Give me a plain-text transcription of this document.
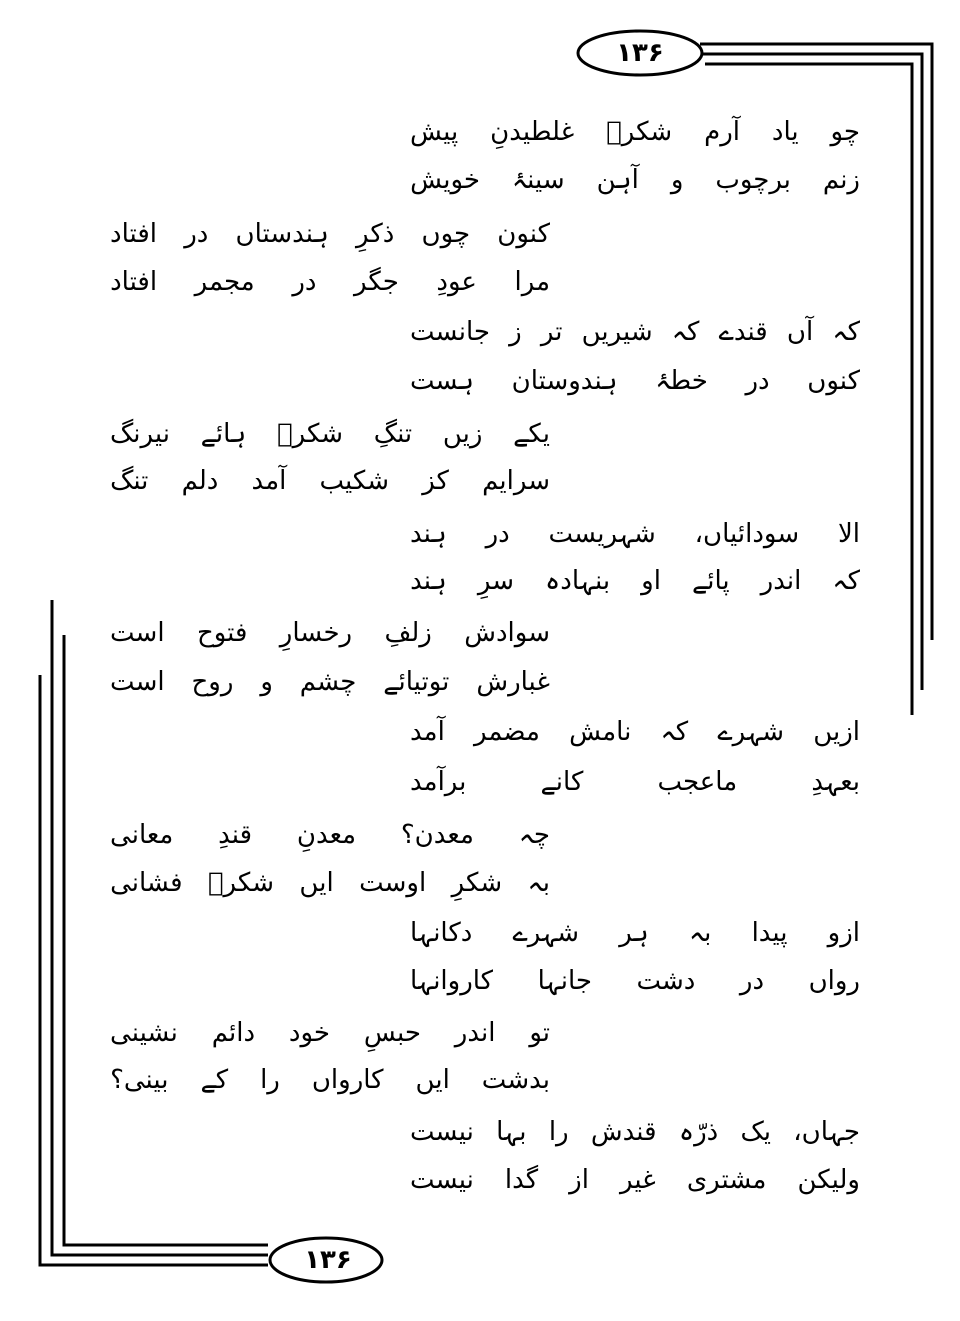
۱۳۶
۱۳۶
چو
یاد
آرم
شکرؔ
غلطیدنِ
پیش
زنم
برچوب
و
آہن
سینۂ
خویش
کنون
چوں
ذکرِ
ہندستاں
در
افتاد
مرا
عودِ
جگر
در
مجمر
افتاد
کہ
آں
قندے
کہ
شیریں
تر
ز
جانست
کنوں
در
خطۂ
ہندوستان
ہست
یکے
زیں
تنگِ
شکرؔ
ہائے
نیرنگ
سرایم
کز
شکیب
آمد
دلم
تنگ
الا
سودائیاں،
شہریست
در
ہند
کہ
اندر
پائے
او
بنہادہ
سرِ
ہند
سوادش
زلفِ
رخسارِ
فتوح
است
غبارش
توتیائے
چشم
و
روح
است
ازیں
شہرے
کہ
نامش
مضمر
آمد
بعہدِ
ماعجب
کانے
برآمد
چہ
معدن؟
معدنِ
قندِ
معانی
بہ
شکرِ
اوست
ایں
شکرؔ
فشانی
ازو
پیدا
بہ
ہر
شہرے
دکانہا
رواں
در
دشت
جانہا
کاروانہا
تو
اندر
حبسِ
خود
دائم
نشینی
بدشت
ایں
کارواں
را
کے
بینی؟
جہاں،
یک
ذرّہ
قندش
را
بہا
نیست
ولیکن
مشتری
غیر
از
گدا
نیست
